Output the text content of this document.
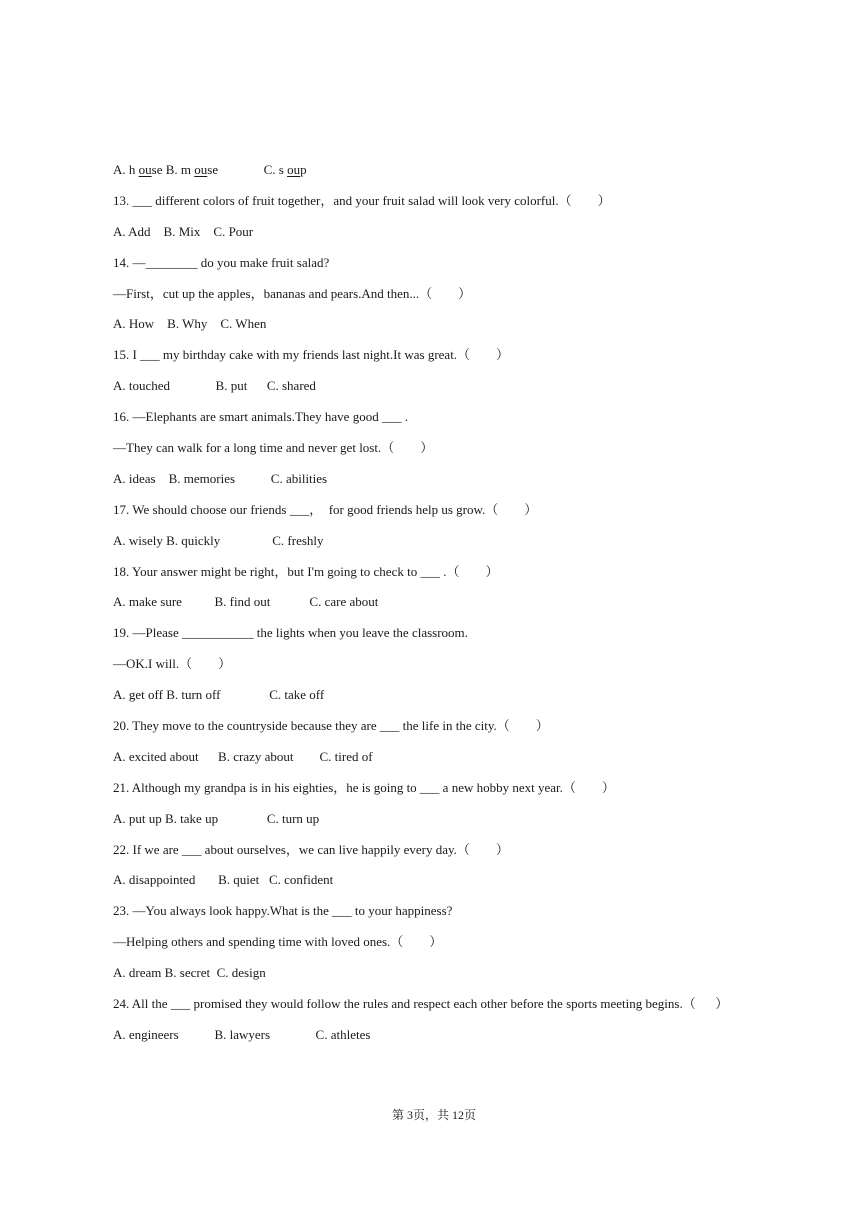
A. h ou se B. m ou se C. s ou p
13. ___ different colors of fruit together，and your fruit salad will look very colorful.（        ）
A. Add    B. Mix    C. Pour
14. —________ do you make fruit salad?
—First，cut up the apples，bananas and pears.And then...（        ）
A. How    B. Why    C. When
15. I ___ my birthday cake with my friends last night.It was great.（        ）
A. touched              B. put      C. shared
16. —Elephants are smart animals.They have good ___ .
—They can walk for a long time and never get lost.（        ）
A. ideas    B. memories           C. abilities
17. We should choose our friends ___，  for good friends help us grow.（        ）
A. wisely B. quickly                C. freshly
18. Your answer might be right，but I'm going to check to ___ .（        ）
A. make sure          B. find out            C. care about
19. —Please ___________ the lights when you leave the classroom.
—OK.I will.（        ）
A. get off B. turn off               C. take off
20. They move to the countryside because they are ___ the life in the city.（        ）
A. excited about      B. crazy about        C. tired of
21. Although my grandpa is in his eighties，he is going to ___ a new hobby next year.（        ）
A. put up B. take up               C. turn up
22. If we are ___ about ourselves，we can live happily every day.（        ）
A. disappointed       B. quiet   C. confident
23. —You always look happy.What is the ___ to your happiness?
—Helping others and spending time with loved ones.（        ）
A. dream B. secret  C. design
24. All the ___ promised they would follow the rules and respect each other before the sports meeting begins.（      ）
A. engineers           B. lawyers              C. athletes
第 3页，共 12页
